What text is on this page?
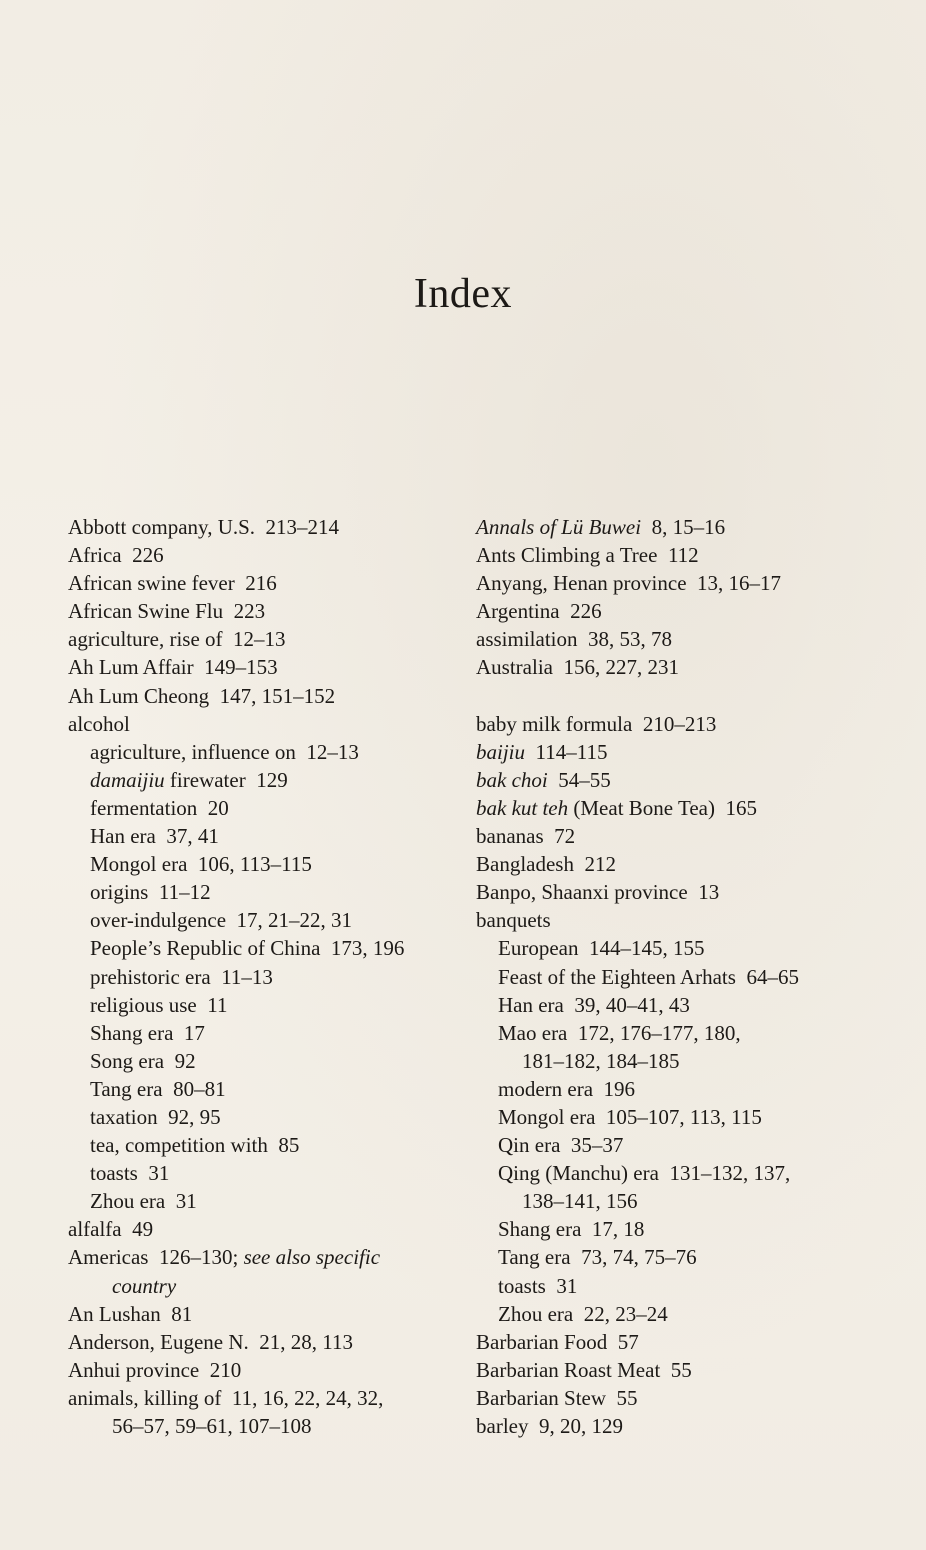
Index
Abbott company, U.S. 213–214
Africa 226
African swine fever 216
African Swine Flu 223
agriculture, rise of 12–13
Ah Lum Affair 149–153
Ah Lum Cheong 147, 151–152
alcohol
agriculture, influence on 12–13
damaijiu firewater 129
fermentation 20
Han era 37, 41
Mongol era 106, 113–115
origins 11–12
over-indulgence 17, 21–22, 31
People’s Republic of China 173, 196
prehistoric era 11–13
religious use 11
Shang era 17
Song era 92
Tang era 80–81
taxation 92, 95
tea, competition with 85
toasts 31
Zhou era 31
alfalfa 49
Americas 126–130; see also specific
country
An Lushan 81
Anderson, Eugene N. 21, 28, 113
Anhui province 210
animals, killing of 11, 16, 22, 24, 32,
56–57, 59–61, 107–108
Annals of Lü Buwei 8, 15–16
Ants Climbing a Tree 112
Anyang, Henan province 13, 16–17
Argentina 226
assimilation 38, 53, 78
Australia 156, 227, 231
baby milk formula 210–213
baijiu 114–115
bak choi 54–55
bak kut teh (Meat Bone Tea) 165
bananas 72
Bangladesh 212
Banpo, Shaanxi province 13
banquets
European 144–145, 155
Feast of the Eighteen Arhats 64–65
Han era 39, 40–41, 43
Mao era 172, 176–177, 180,
181–182, 184–185
modern era 196
Mongol era 105–107, 113, 115
Qin era 35–37
Qing (Manchu) era 131–132, 137,
138–141, 156
Shang era 17, 18
Tang era 73, 74, 75–76
toasts 31
Zhou era 22, 23–24
Barbarian Food 57
Barbarian Roast Meat 55
Barbarian Stew 55
barley 9, 20, 129
